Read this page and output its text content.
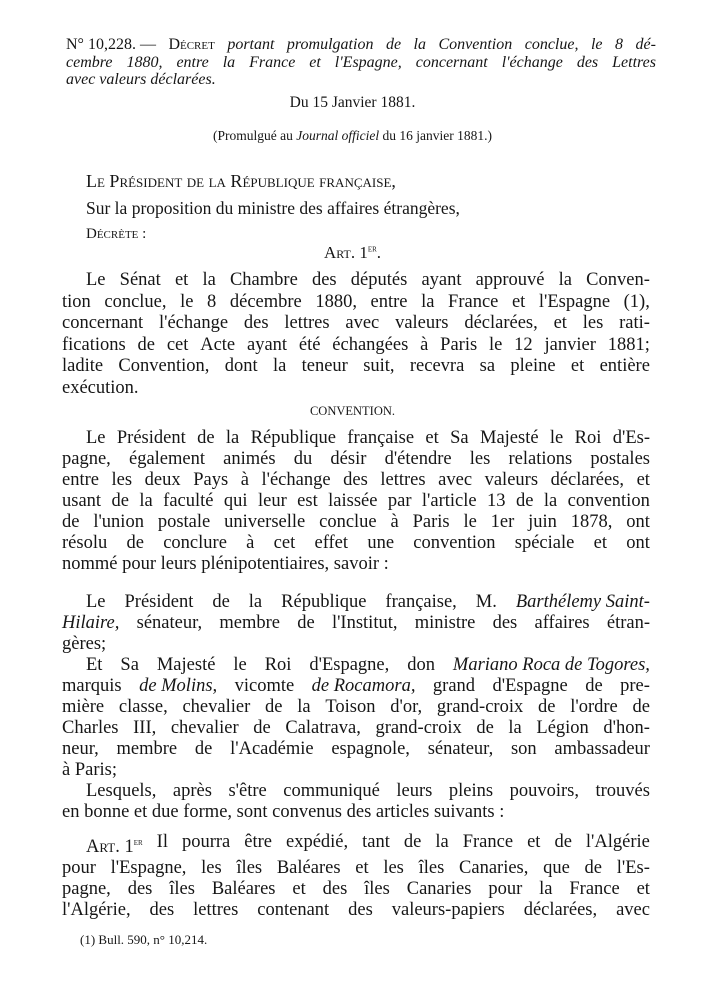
N° 10,228. — Décret portant promulgation de la Convention conclue, le 8 dé-
cembre 1880, entre la France et l'Espagne, concernant l'échange des Lettres
avec valeurs déclarées.
Du 15 Janvier 1881.
(Promulgué au Journal officiel du 16 janvier 1881.)
Le Président de la République française,
Sur la proposition du ministre des affaires étrangères,
Décrète :
Art. 1er.
Le Sénat et la Chambre des députés ayant approuvé la Conven-
tion conclue, le 8 décembre 1880, entre la France et l'Espagne (1),
concernant l'échange des lettres avec valeurs déclarées, et les rati-
fications de cet Acte ayant été échangées à Paris le 12 janvier 1881;
ladite Convention, dont la teneur suit, recevra sa pleine et entière
exécution.
CONVENTION.
Le Président de la République française et Sa Majesté le Roi d'Es-
pagne, également animés du désir d'étendre les relations postales
entre les deux Pays à l'échange des lettres avec valeurs déclarées, et
usant de la faculté qui leur est laissée par l'article 13 de la convention
de l'union postale universelle conclue à Paris le 1er juin 1878, ont
résolu de conclure à cet effet une convention spéciale et ont
nommé pour leurs plénipotentiaires, savoir :
Le Président de la République française, M. Barthélemy Saint-
Hilaire, sénateur, membre de l'Institut, ministre des affaires étran-
gères;
Et Sa Majesté le Roi d'Espagne, don Mariano Roca de Togores,
marquis de Molins, vicomte de Rocamora, grand d'Espagne de pre-
mière classe, chevalier de la Toison d'or, grand-croix de l'ordre de
Charles III, chevalier de Calatrava, grand-croix de la Légion d'hon-
neur, membre de l'Académie espagnole, sénateur, son ambassadeur
à Paris;
Lesquels, après s'être communiqué leurs pleins pouvoirs, trouvés
en bonne et due forme, sont convenus des articles suivants :
Art. 1er Il pourra être expédié, tant de la France et de l'Algérie
pour l'Espagne, les îles Baléares et les îles Canaries, que de l'Es-
pagne, des îles Baléares et des îles Canaries pour la France et
l'Algérie, des lettres contenant des valeurs-papiers déclarées, avec
(1) Bull. 590, n° 10,214.
